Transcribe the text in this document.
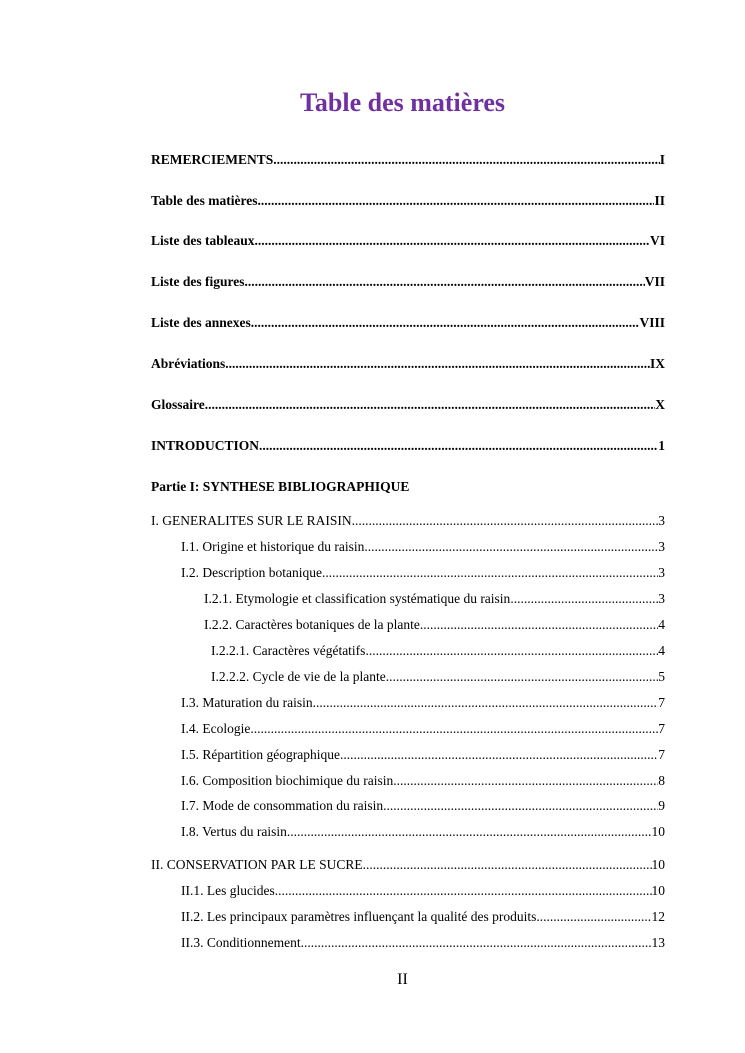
Table des matières
REMERCIEMENTS .....	I
Table des matières .....	II
Liste des tableaux .....	VI
Liste des figures .....	VII
Liste des annexes .....	VIII
Abréviations .....	IX
Glossaire .....	X
INTRODUCTION .....	1
Partie I: SYNTHESE BIBLIOGRAPHIQUE
I. GENERALITES SUR LE RAISIN .....	3
I.1. Origine et historique du raisin .....	3
I.2. Description botanique .....	3
I.2.1. Etymologie et classification systématique du raisin .....	3
I.2.2. Caractères botaniques de la plante .....	4
I.2.2.1. Caractères végétatifs .....	4
I.2.2.2. Cycle de vie de la plante .....	5
I.3. Maturation du raisin .....	7
I.4. Ecologie .....	7
I.5. Répartition géographique .....	7
I.6. Composition biochimique du raisin .....	8
I.7. Mode de consommation du raisin .....	9
I.8. Vertus du raisin .....	10
II. CONSERVATION PAR LE SUCRE .....	10
II.1. Les glucides .....	10
II.2. Les principaux paramètres influençant la qualité des produits .....	12
II.3. Conditionnement .....	13
II
